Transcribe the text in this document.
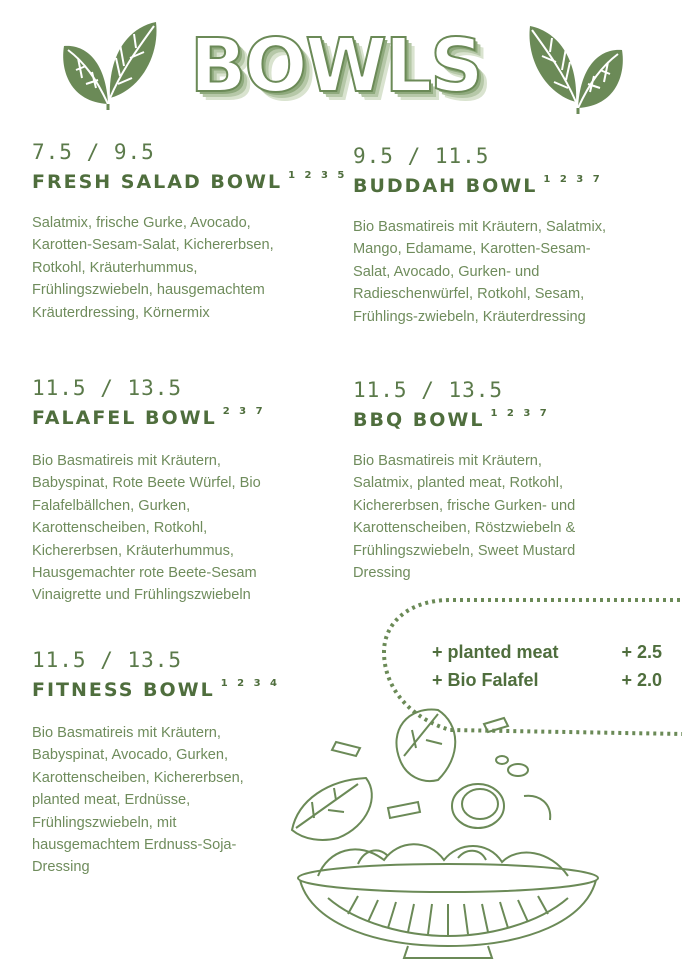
BOWLS
7.5 / 9.5
FRESH SALAD BOWL $^{1 2 3 5}$
Salatmix, frische Gurke, Avocado,
Karotten-Sesam-Salat, Kichererbsen,
Rotkohl, Kräuterhummus,
Frühlingszwiebeln, hausgemachtem
Kräuterdressing, Körnermix
9.5 / 11.5
BUDDAH BOWL $^{1 2 3 7}$
Bio Basmatireis mit Kräutern, Salatmix,
Mango, Edamame, Karotten-Sesam-
Salat, Avocado, Gurken- und
Radieschenwürfel, Rotkohl, Sesam,
Frühlings-zwiebeln, Kräuterdressing
11.5 / 13.5
FALAFEL BOWL $^{2 3 7}$
Bio Basmatireis mit Kräutern,
Babyspinat, Rote Beete Würfel, Bio
Falafelbällchen, Gurken,
Karottenscheiben, Rotkohl,
Kichererbsen, Kräuterhummus,
Hausgemachter rote Beete-Sesam
Vinaigrette und Frühlingszwiebeln
11.5 / 13.5
BBQ BOWL $^{1 2 3 7}$
Bio Basmatireis mit Kräutern,
Salatmix, planted meat, Rotkohl,
Kichererbsen, frische Gurken- und
Karottenscheiben, Röstzwiebeln &
Frühlingszwiebeln, Sweet Mustard
Dressing
11.5 / 13.5
FITNESS BOWL $^{1 2 3 4}$
Bio Basmatireis mit Kräutern,
Babyspinat, Avocado, Gurken,
Karottenscheiben, Kichererbsen,
planted meat, Erdnüsse,
Frühlingszwiebeln, mit
hausgemachtem Erdnuss-Soja-
Dressing
+ planted meat	+ 2.5
+ Bio Falafel	+ 2.0
